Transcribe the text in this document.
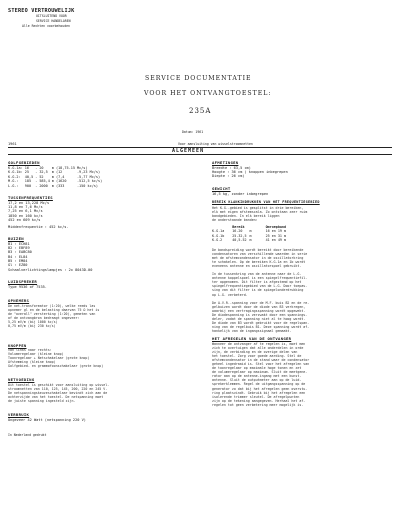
STEREO VERTROUWELIJK
UITSLUITEND VOOR
SERVICE HANDELAREN
Alle Rechten voorbehouden
SERVICE DOCUMENTATIE
VOOR HET ONTVANGTOESTEL:
235A
Datum: 1961
1961	Voor aansluiting van wisselstroomnetten
ALGEMEEN
GOLFGEBIEDEN
K.G.1a:	16	-	20	m	(18,75-15	Mc/s)
K.G.1b:	25	-	32,5	m	(12	-9,23 Mc/s)
K.G.2:	40,5	-	52	m	(7,4	-5,77 Mc/s)
M.G.:	185	-	585,4	m	(1620	-512,5 kc/s)
L.G.:	900	-	2000	m	(333	-150 kc/s)
TUSSENFREQUENTIES
17,2 en 13,228 Mc/s
11,8 en 7,6 Mc/s
7,25 en 6,1 Mc/s
1850 en 160 kc/s
452 en 609 kc/s
Middenfrequentie : 452 kc/s.
BUIZEN
B1 : ECH81
B2 : EBF89
B3 : EABC80
B4 : EL84
B5 : EM84
Gl : EZ80
Schaalverlichtingslampjes : 2x 8043D-00
LUIDSPREKER
Type 9536 of 7535.
OPNEMERS
De net-transformator (1:20), welke reeds las
opnemer gl en de belasting daarvan 75 Ω het is
de "overall" versterking (1:20), gemeten van
of de ontvangbron bedraagt ongeveer:
5,25 mV/m (bij 1000 kc/s)
0,75 mV/m (bij 230 kc/s)
KNOPPEN
Van links naar rechts:
Volumeregelaar (kleine knop)
Toonregelaar + Netschakelaar (grote knop)
Afstemming (kleine knop)
Golfgebied- en grammofoonschakelaar (grote knop)
NETVOEDING
Dit toestel is geschikt voor aansluiting op wissel-
stroomnetten van 110, 125, 145, 200, 220 en 245 V.
De netspanningskeuzeschakelaar bevindt zich aan de
achterzijde van het toestel. De netspanning moet
de juiste spanning ingesteld zijn.
VERBRUIK
Ongeveer 42 Watt (netspanning 220 V)
In Nederland gedrukt
AFMETINGEN
Breedte : 63,5 cm)
Hoogte : 36 cm ) knoppen inbegrepen
Diepte : 26 cm)
GEWICHT
16,5 kg, zonder inbegrepen
BEREIK KLANKINDRUKKEN VAN HET FREQUENTIEGEBIED
Het K.G.-gebied is gesplitst in drie bereiken,
elk met eigen afstemscala. Zo ontstaan zeer ruim
bandgebieden. In elk bereik liggen
de onderstaande banden:
	Bereik		Omroepband
K.G.1a	16-20	m	16 en 19 m
K.G.1b	25-32,5	m	25 en 31 m
K.G.2	40,5-52	m	41 en 49 m
De bandspreiding wordt bereikt door bereikende
condensatoren van verschillende waarden in serie
met de afstemcondensator in de oscillatorkring
te schakelen. Op de bereiken K.G.1a en 1b wordt
eveneens antenne en oscillatorspoel gebruikt.

In de tussenkring van de antenne naar de L.G.
antenne koppelspoel is een spiegelfrequentiefil-
ter opgenomen. Dit filter is afgestemd op het
spiegelfrequentiegebied van de L.G. Door toepas-
sing van dit filter is de spiegelonderdrukking
op L.G. verbeterd.

De A.V.R.-spanning voor de M.F. buis B2 en de re-
gelbuizen wordt door de diode van B3 verkregen,
waarbij een vertragingsspanning wordt opgewekt.
De diodespanning is verzwakt door een spannings-
deler, zodat de spanning niet al te hoog wordt.
De diode van B3 wordt gebruikt voor de regelspan-
ning van de regelbuis B1. Deze spanning wordt af-
hankelijk van de ingangssignaal gemaakt.
HET AFREGELEN VAN DE ONTVANGER
Wanneer de ontvanger af te regelen is, moet men
zich te overtuigen dat alle onderdelen in orde
zijn, de verbinding en de overige delen van
het toestel. Zorg voor goede aarding. Stel de
afstemcondensator in de stand waar de condensator
geheel ingedraaid is. Stel voor het afregelen van
de toonregelaar op maximale hoge tonen en zet
de volumeregelaar op maximum. Sluit de meetgene-
rator aan op de antenne-ingang met een kunst-
antenne. Sluit de outputmeter aan op de luid-
sprekerklemmen. Regel de uitgangsspanning op de
generator zo dat bij het afregelen geen overstu-
ring plaatsvindt. Gebruik bij het afregelen een
isolerende trimmer sleutel. De afregelpunten
zijn op de tekening aangegeven. Herhaal het af-
regelen tot geen verbetering meer mogelijk is.
